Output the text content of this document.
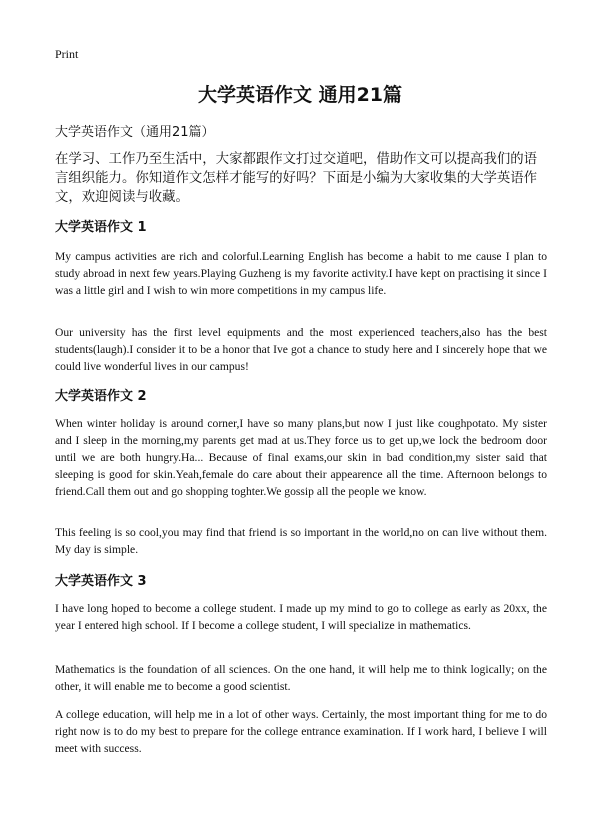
Print
大学英语作文 通用21篇
大学英语作文（通用21篇）
在学习、工作乃至生活中，大家都跟作文打过交道吧，借助作文可以提高我们的语言组织能力。你知道作文怎样才能写的好吗？下面是小编为大家收集的大学英语作文，欢迎阅读与收藏。
大学英语作文 1
My campus activities are rich and colorful.Learning English has become a habit to me cause I plan to study abroad in next few years.Playing Guzheng is my favorite activity.I have kept on practising it since I was a little girl and I wish to win more competitions in my campus life.
Our university has the first level equipments and the most experienced teachers,also has the best students(laugh).I consider it to be a honor that Ive got a chance to study here and I sincerely hope that we could live wonderful lives in our campus!
大学英语作文 2
When winter holiday is around corner,I have so many plans,but now I just like coughpotato. My sister and I sleep in the morning,my parents get mad at us.They force us to get up,we lock the bedroom door until we are both hungry.Ha... Because of final exams,our skin in bad condition,my sister said that sleeping is good for skin.Yeah,female do care about their appearence all the time. Afternoon belongs to friend.Call them out and go shopping toghter.We gossip all the people we know.
This feeling is so cool,you may find that friend is so important in the world,no on can live without them. My day is simple.
大学英语作文 3
I have long hoped to become a college student. I made up my mind to go to college as early as 20xx, the year I entered high school. If I become a college student, I will specialize in mathematics.
Mathematics is the foundation of all sciences. On the one hand, it will help me to think logically; on the other, it will enable me to become a good scientist.
A college education, will help me in a lot of other ways. Certainly, the most important thing for me to do right now is to do my best to prepare for the college entrance examination. If I work hard, I believe I will meet with success.
